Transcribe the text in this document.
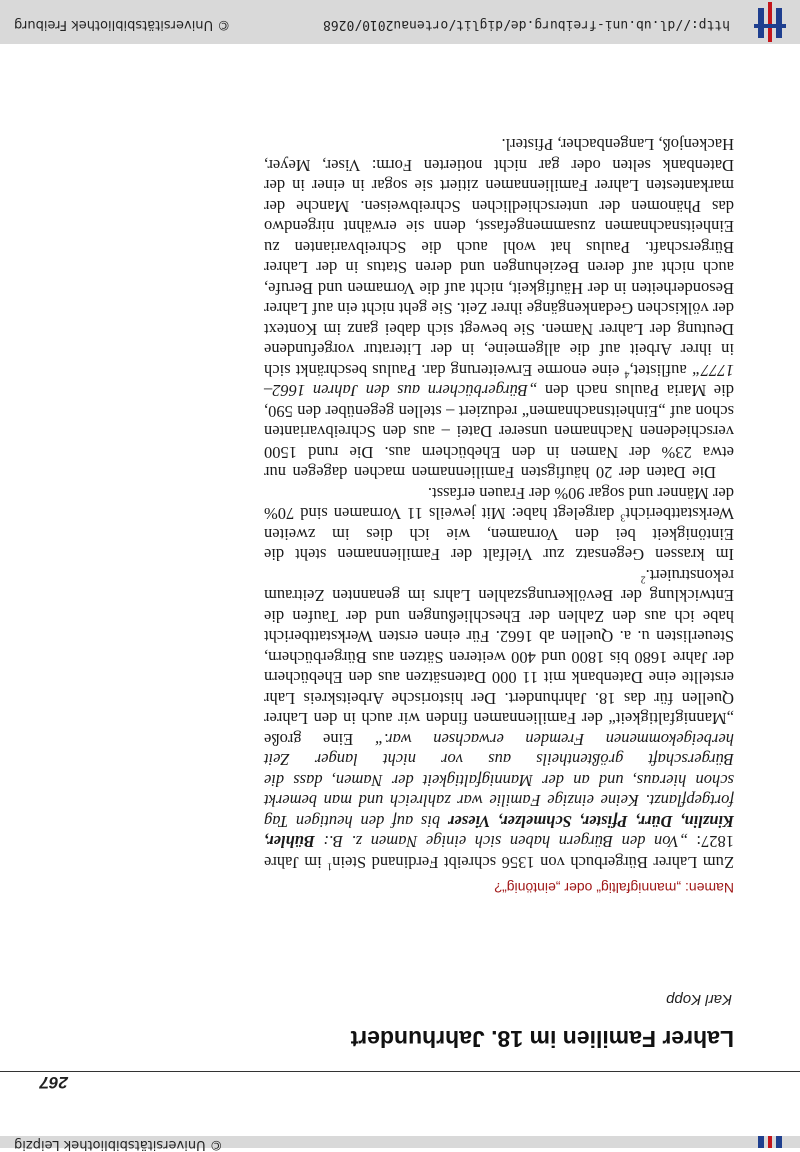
© Universitätsbibliothek Leipzig
267
Lahrer Familien im 18. Jahrhundert
Karl Kopp
Namen: „mannigfaltig“ oder „eintönig“?

Zum Lahrer Bürgerbuch von 1356 schreibt Ferdinand Stein$^1$ im Jahre 1827: „Von den Bürgern haben sich einige Namen z. B.: Bühler, Kinzlin, Dürr, Pfister, Schmelzer, Vieser bis auf den heutigen Tag fortgepflanzt. Keine einzige Familie war zahlreich und man bemerkt schon hieraus, und an der Mannigfaltigkeit der Namen, dass die Bürgerschaft größtentheils aus vor nicht langer Zeit herbeigekommenen Fremden erwachsen war.“ Eine große „Mannigfaltigkeit“ der Familiennamen finden wir auch in den Lahrer Quellen für das 18. Jahrhundert. Der historische Arbeitskreis Lahr erstellte eine Datenbank mit 11 000 Datensätzen aus den Ehebüchern der Jahre 1680 bis 1800 und 400 weiteren Sätzen aus Bürgerbüchern, Steuerlisten u. a. Quellen ab 1662. Für einen ersten Werkstattbericht habe ich aus den Zahlen der Eheschließungen und der Taufen die Entwicklung der Bevölkerungszahlen Lahrs im genannten Zeitraum rekonstruiert.$^2$

Im krassen Gegensatz zur Vielfalt der Familiennamen steht die Eintönigkeit bei den Vornamen, wie ich dies im zweiten Werkstattbericht$^3$ dargelegt habe: Mit jeweils 11 Vornamen sind 70% der Männer und sogar 90% der Frauen erfasst.

Die Daten der 20 häufigsten Familiennamen machen dagegen nur etwa 23% der Namen in den Ehebüchern aus. Die rund 1500 verschiedenen Nachnamen unserer Datei – aus den Schreibvarianten schon auf „Einheitsnachnamen“ reduziert – stellen gegenüber den 590, die Maria Paulus nach den „Bürgerbüchern aus den Jahren 1662–1777“ auflistet,$^4$ eine enorme Erweiterung dar. Paulus beschränkt sich in ihrer Arbeit auf die allgemeine, in der Literatur vorgefundene Deutung der Lahrer Namen. Sie bewegt sich dabei ganz im Kontext der völkischen Gedankengänge ihrer Zeit. Sie geht nicht ein auf Lahrer Besonderheiten in der Häufigkeit, nicht auf die Vornamen und Berufe, auch nicht auf deren Beziehungen und deren Status in der Lahrer Bürgerschaft. Paulus hat wohl auch die Schreibvarianten zu Einheitsnachnamen zusammengefasst, denn sie erwähnt nirgendwo das Phänomen der unterschiedlichen Schreibweisen. Manche der markantesten Lahrer Familiennamen zitiert sie sogar in einer in der Datenbank selten oder gar nicht notierten Form: Viser, Meyer, Hackenjoß, Langenbacher, Pfisterl.

http://dl.ub.uni-freiburg.de/diglit/ortenau2010/0268
© Universitätsbibliothek Freiburg
